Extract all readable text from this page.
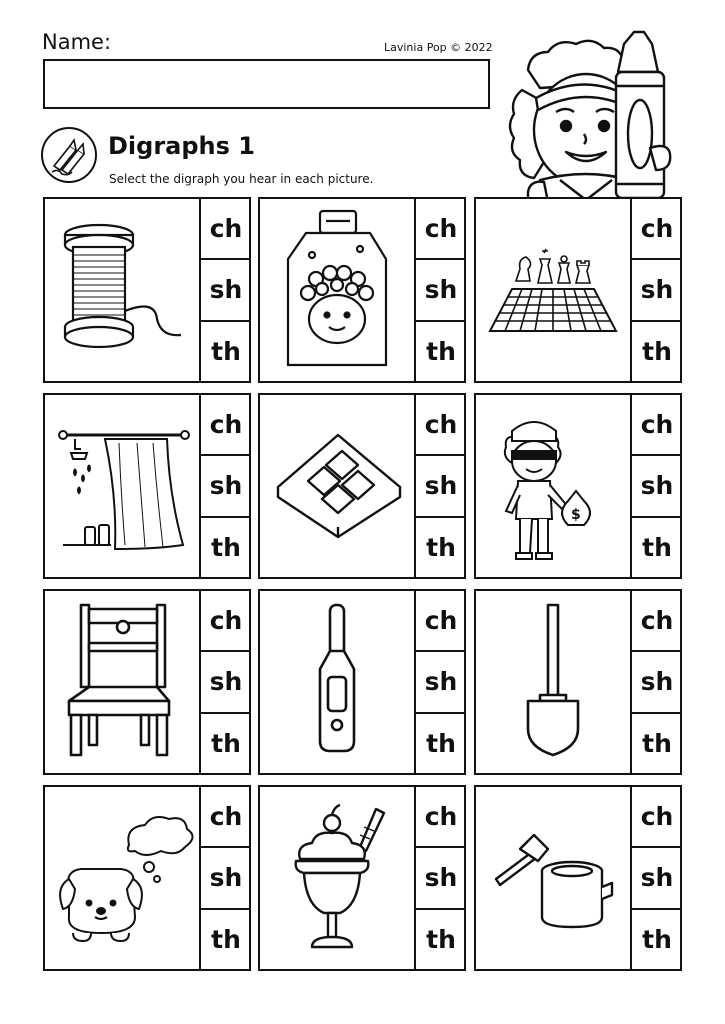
Name:	Lavinia Pop © 2022
Digraphs 1
Select the digraph you hear in each picture.
ch
sh
th
ch
sh
th
ch
sh
th
ch
sh
th
ch
sh
th
$
ch
sh
th
ch
sh
th
ch
sh
th
ch
sh
th
ch
sh
th
ch
sh
th
ch
sh
th
